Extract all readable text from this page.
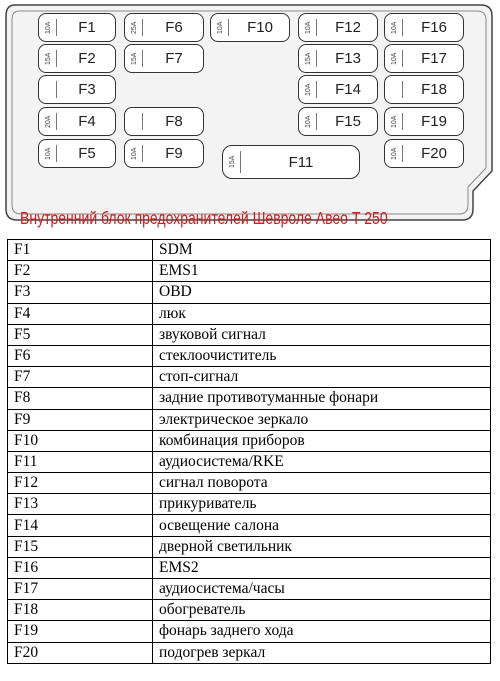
10A	F1
15A	F2
F3
20A	F4
10A	F5
25A	F6
15A	F7
F8
10A	F9
10A	F10
15A	F11
10A	F12
15A	F13
10A	F14
10A	F15
10A	F16
10A	F17
F18
10A	F19
10A	F20
Внутренний блок предохранителей Шевроле Авео Т 250
F1	SDM
F2	EMS1
F3	OBD
F4	люк
F5	звуковой сигнал
F6	стеклоочиститель
F7	стоп-сигнал
F8	задние противотуманные фонари
F9	электрическое зеркало
F10	комбинация приборов
F11	аудиосистема/RKE
F12	сигнал поворота
F13	прикуриватель
F14	освещение салона
F15	дверной светильник
F16	EMS2
F17	аудиосистема/часы
F18	обогреватель
F19	фонарь заднего хода
F20	подогрев зеркал
